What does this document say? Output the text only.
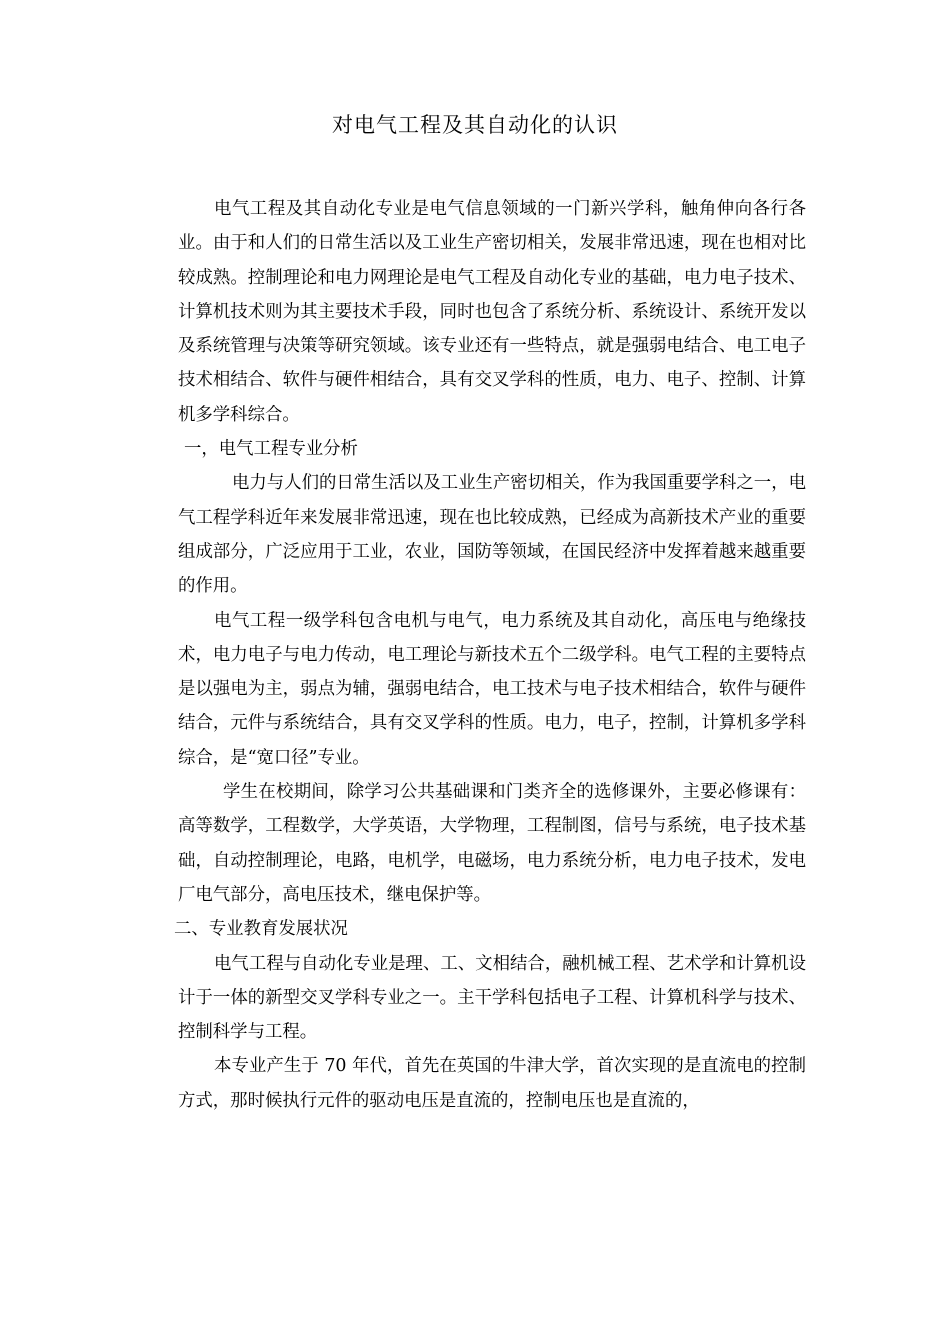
对电气工程及其自动化的认识

电气工程及其自动化专业是电气信息领域的一门新兴学科，触角伸向各行各业。由于和人们的日常生活以及工业生产密切相关，发展非常迅速，现在也相对比较成熟。控制理论和电力网理论是电气工程及自动化专业的基础，电力电子技术、计算机技术则为其主要技术手段，同时也包含了系统分析、系统设计、系统开发以及系统管理与决策等研究领域。该专业还有一些特点，就是强弱电结合、电工电子技术相结合、软件与硬件相结合，具有交叉学科的性质，电力、电子、控制、计算机多学科综合。

一，电气工程专业分析

电力与人们的日常生活以及工业生产密切相关，作为我国重要学科之一，电气工程学科近年来发展非常迅速，现在也比较成熟，已经成为高新技术产业的重要组成部分，广泛应用于工业，农业，国防等领域，在国民经济中发挥着越来越重要的作用。

电气工程一级学科包含电机与电气，电力系统及其自动化，高压电与绝缘技术，电力电子与电力传动，电工理论与新技术五个二级学科。电气工程的主要特点是以强电为主，弱点为辅，强弱电结合，电工技术与电子技术相结合，软件与硬件结合，元件与系统结合，具有交叉学科的性质。电力，电子，控制，计算机多学科综合，是“宽口径”专业。

学生在校期间，除学习公共基础课和门类齐全的选修课外，主要必修课有：高等数学，工程数学，大学英语，大学物理，工程制图，信号与系统，电子技术基础，自动控制理论，电路，电机学，电磁场，电力系统分析，电力电子技术，发电厂电气部分，高电压技术，继电保护等。

二、专业教育发展状况

电气工程与自动化专业是理、工、文相结合，融机械工程、艺术学和计算机设计于一体的新型交叉学科专业之一。主干学科包括电子工程、计算机科学与技术、控制科学与工程。

本专业产生于 70 年代，首先在英国的牛津大学，首次实现的是直流电的控制方式，那时候执行元件的驱动电压是直流的，控制电压也是直流的，
